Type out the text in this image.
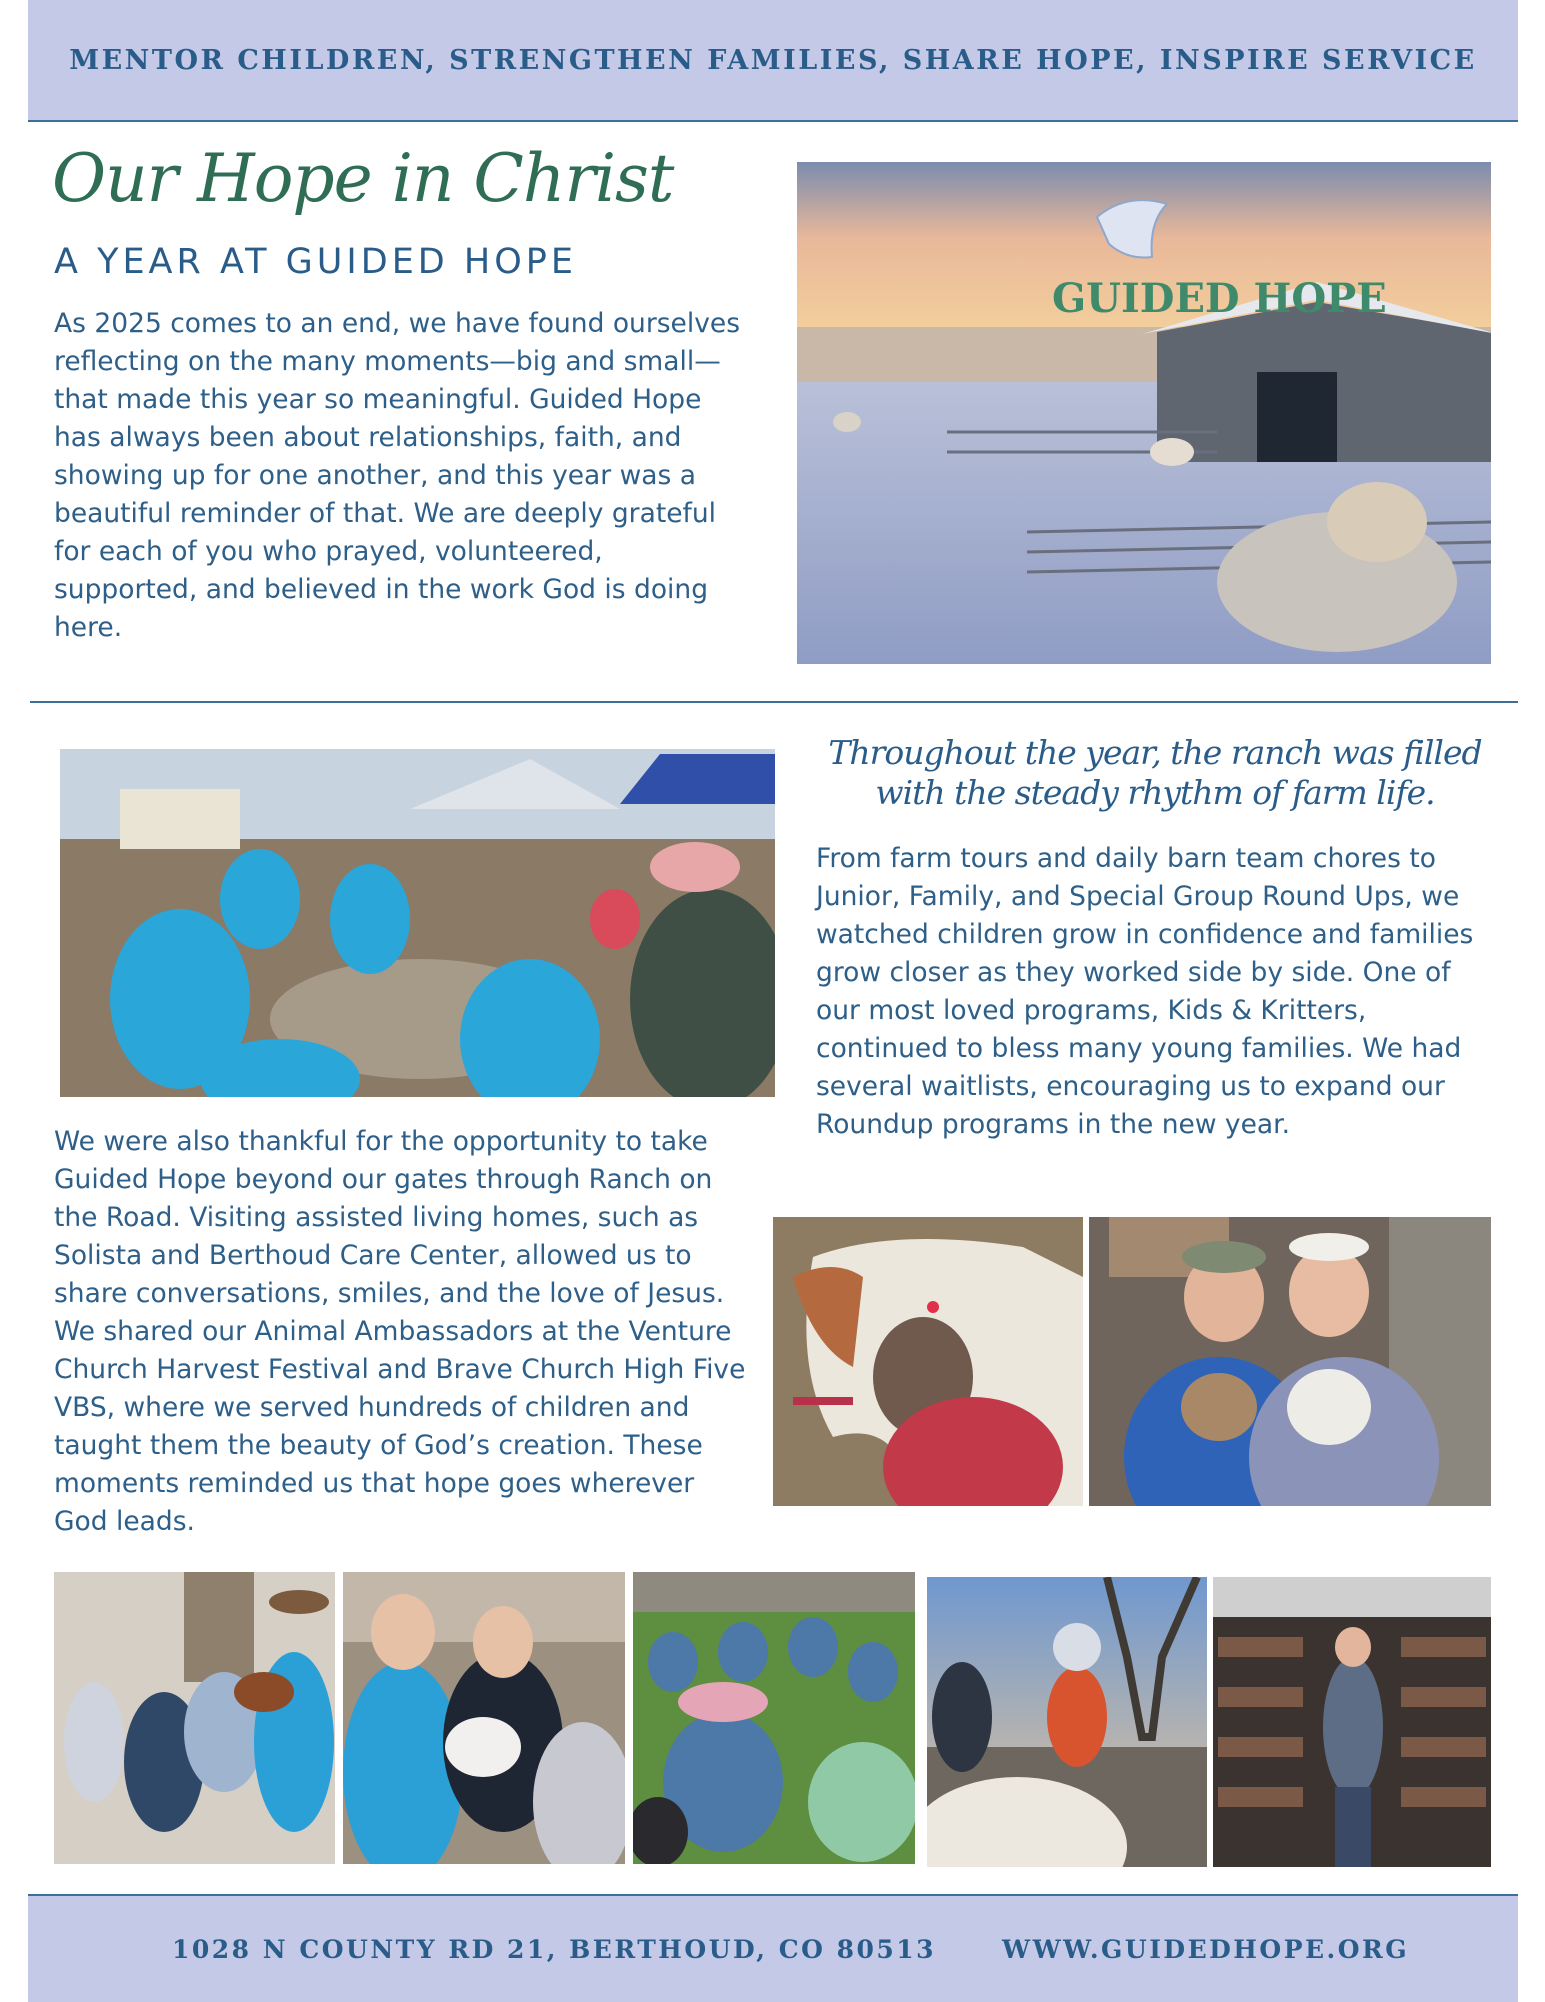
MENTOR CHILDREN, STRENGTHEN FAMILIES, SHARE HOPE, INSPIRE SERVICE
Our Hope in Christ
A YEAR AT GUIDED HOPE

As 2025 comes to an end, we have found ourselves reflecting on the many moments—big and small—that made this year so meaningful. Guided Hope has always been about relationships, faith, and showing up for one another, and this year was a beautiful reminder of that. We are deeply grateful for each of you who prayed, volunteered, supported, and believed in the work God is doing here.

GUIDED HOPE

Throughout the year, the ranch was filled with the steady rhythm of farm life.

From farm tours and daily barn team chores to Junior, Family, and Special Group Round Ups, we watched children grow in confidence and families grow closer as they worked side by side. One of our most loved programs, Kids & Kritters, continued to bless many young families. We had several waitlists, encouraging us to expand our Roundup programs in the new year.

We were also thankful for the opportunity to take Guided Hope beyond our gates through Ranch on the Road. Visiting assisted living homes, such as Solista and Berthoud Care Center, allowed us to share conversations, smiles, and the love of Jesus. We shared our Animal Ambassadors at the Venture Church Harvest Festival and Brave Church High Five VBS, where we served hundreds of children and taught them the beauty of God’s creation. These moments reminded us that hope goes wherever God leads.

1028 N COUNTY RD 21, BERTHOUD, CO 80513	WWW.GUIDEDHOPE.ORG
